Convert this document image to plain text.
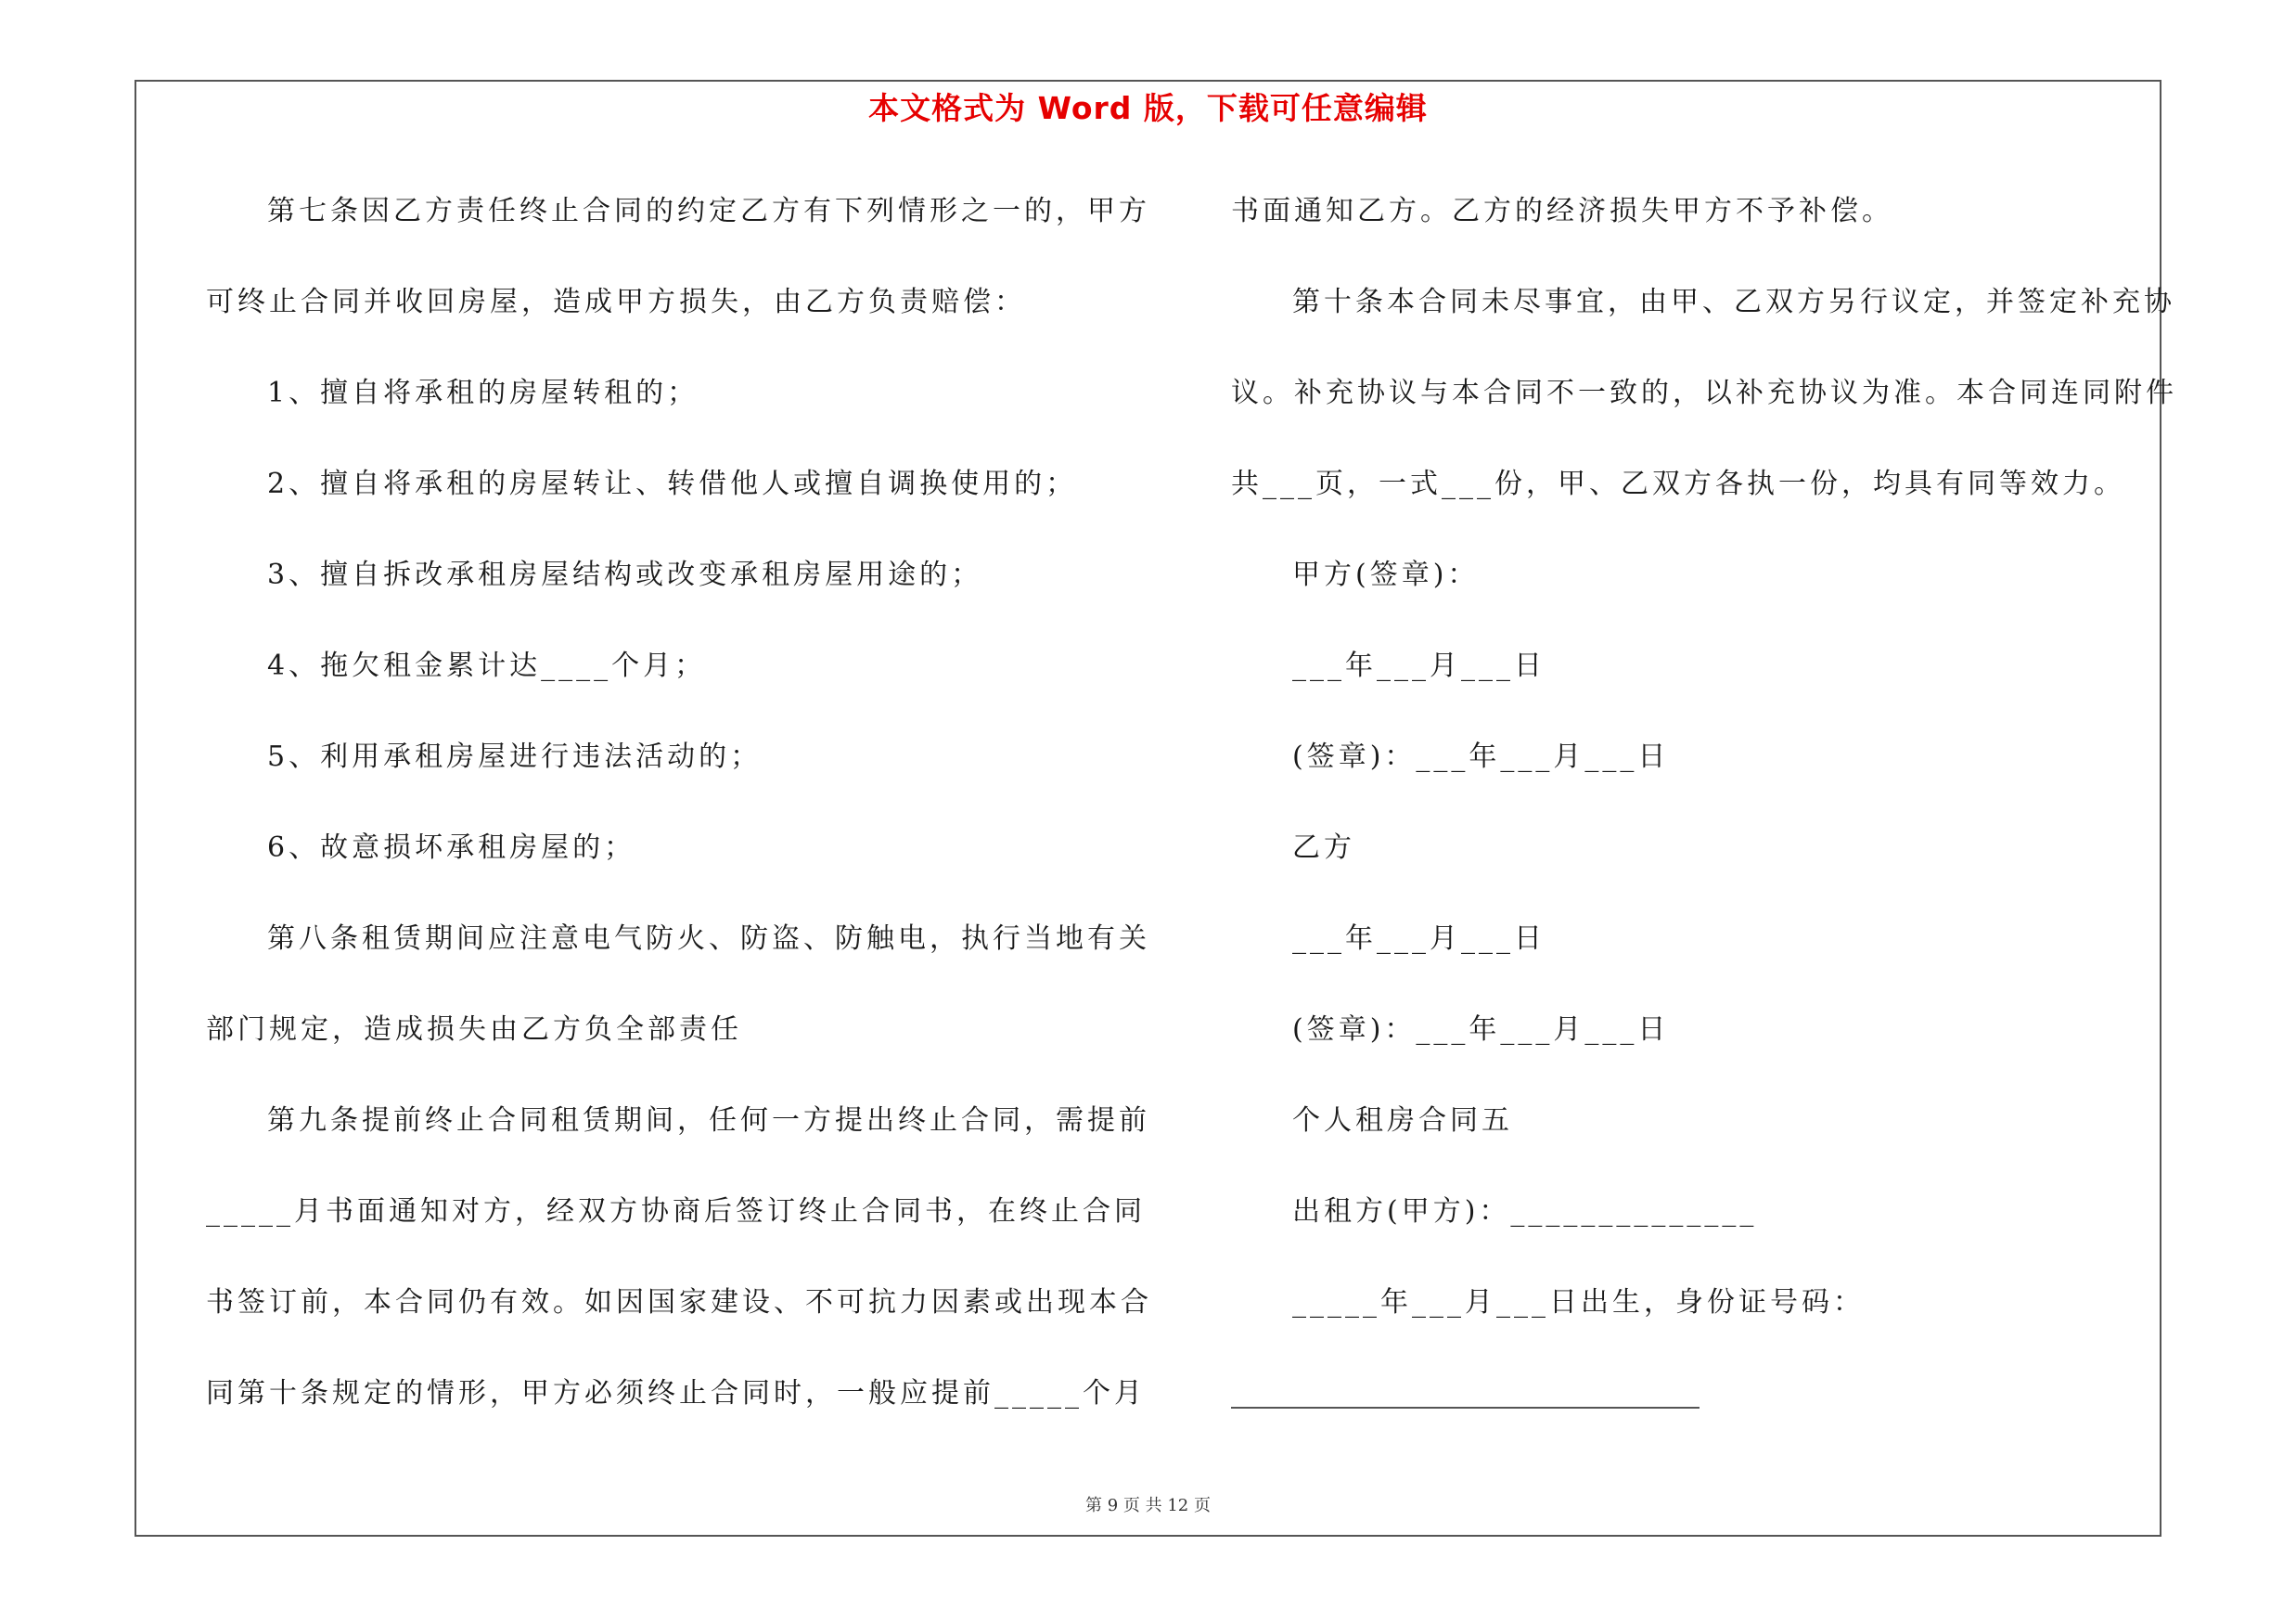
本文格式为 Word 版，下载可任意编辑
第七条因乙方责任终止合同的约定乙方有下列情形之一的，甲方
可终止合同并收回房屋，造成甲方损失，由乙方负责赔偿：
1、擅自将承租的房屋转租的；
2、擅自将承租的房屋转让、转借他人或擅自调换使用的；
3、擅自拆改承租房屋结构或改变承租房屋用途的；
4、拖欠租金累计达____个月；
5、利用承租房屋进行违法活动的；
6、故意损坏承租房屋的；
第八条租赁期间应注意电气防火、防盗、防触电，执行当地有关
部门规定，造成损失由乙方负全部责任
第九条提前终止合同租赁期间，任何一方提出终止合同，需提前
_____月书面通知对方，经双方协商后签订终止合同书，在终止合同
书签订前，本合同仍有效。如因国家建设、不可抗力因素或出现本合
同第十条规定的情形，甲方必须终止合同时，一般应提前_____个月
书面通知乙方。乙方的经济损失甲方不予补偿。
第十条本合同未尽事宜，由甲、乙双方另行议定，并签定补充协
议。补充协议与本合同不一致的，以补充协议为准。本合同连同附件
共___页，一式___份，甲、乙双方各执一份，均具有同等效力。
甲方(签章)：
___年___月___日
(签章)：___年___月___日
乙方
___年___月___日
(签章)：___年___月___日
个人租房合同五
出租方(甲方)：______________
_____年___月___日出生，身份证号码：
第 9 页 共 12 页
